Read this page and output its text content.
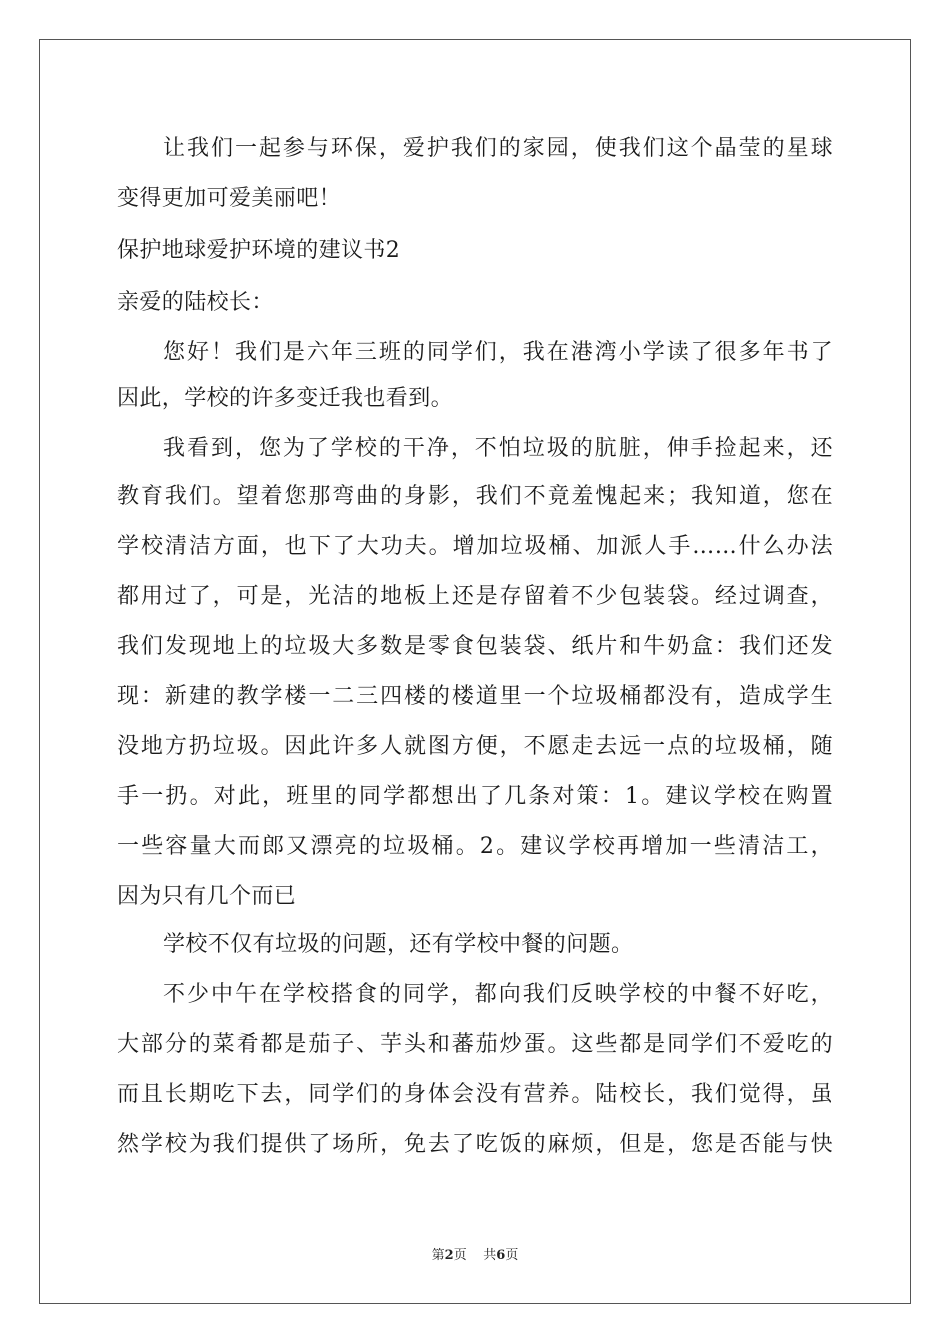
让我们一起参与环保，爱护我们的家园，使我们这个晶莹的星球
变得更加可爱美丽吧！
保护地球爱护环境的建议书2
亲爱的陆校长：
您好！我们是六年三班的同学们，我在港湾小学读了很多年书了
因此，学校的许多变迁我也看到。
我看到，您为了学校的干净，不怕垃圾的肮脏，伸手捡起来，还
教育我们。望着您那弯曲的身影，我们不竟羞愧起来；我知道，您在
学校清洁方面，也下了大功夫。增加垃圾桶、加派人手……什么办法
都用过了，可是，光洁的地板上还是存留着不少包装袋。经过调查，
我们发现地上的垃圾大多数是零食包装袋、纸片和牛奶盒：我们还发
现：新建的教学楼一二三四楼的楼道里一个垃圾桶都没有，造成学生
没地方扔垃圾。因此许多人就图方便，不愿走去远一点的垃圾桶，随
手一扔。对此，班里的同学都想出了几条对策：1。建议学校在购置
一些容量大而郎又漂亮的垃圾桶。2。建议学校再增加一些清洁工，
因为只有几个而已
学校不仅有垃圾的问题，还有学校中餐的问题。
不少中午在学校搭食的同学，都向我们反映学校的中餐不好吃，
大部分的菜肴都是茄子、芋头和蕃茄炒蛋。这些都是同学们不爱吃的
而且长期吃下去，同学们的身体会没有营养。陆校长，我们觉得，虽
然学校为我们提供了场所，免去了吃饭的麻烦，但是，您是否能与快
第2页 共6页
